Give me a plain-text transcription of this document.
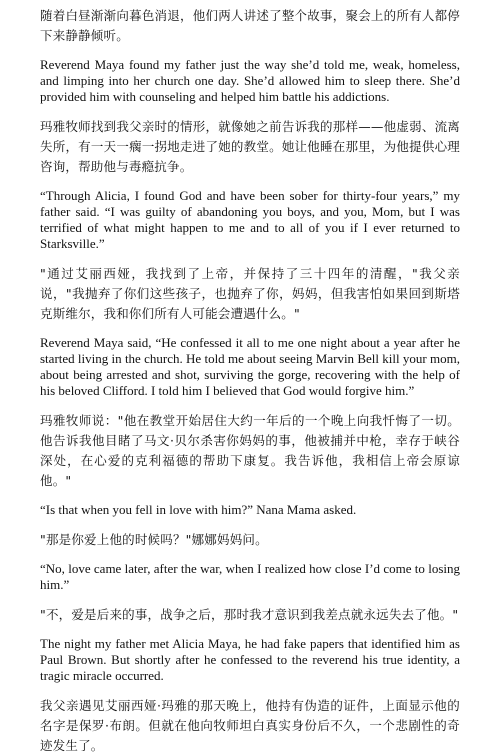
随着白昼渐渐向暮色消退，他们两人讲述了整个故事，聚会上的所有人都停下来静静倾听。

Reverend Maya found my father just the way she’d told me, weak, homeless, and limping into her church one day. She’d allowed him to sleep there. She’d provided him with counseling and helped him battle his addictions.

玛雅牧师找到我父亲时的情形，就像她之前告诉我的那样——他虚弱、流离失所，有一天一瘸一拐地走进了她的教堂。她让他睡在那里，为他提供心理咨询，帮助他与毒瘾抗争。

“Through Alicia, I found God and have been sober for thirty-four years,” my father said. “I was guilty of abandoning you boys, and you, Mom, but I was terrified of what might happen to me and to all of you if I ever returned to Starksville.”

"通过艾丽西娅，我找到了上帝，并保持了三十四年的清醒，"我父亲说，"我抛弃了你们这些孩子，也抛弃了你，妈妈，但我害怕如果回到斯塔克斯维尔，我和你们所有人可能会遭遇什么。"

Reverend Maya said, “He confessed it all to me one night about a year after he started living in the church. He told me about seeing Marvin Bell kill your mom, about being arrested and shot, surviving the gorge, recovering with the help of his beloved Clifford. I told him I believed that God would forgive him.”

玛雅牧师说："他在教堂开始居住大约一年后的一个晚上向我忏悔了一切。他告诉我他目睹了马文·贝尔杀害你妈妈的事，他被捕并中枪，幸存于峡谷深处，在心爱的克利福德的帮助下康复。我告诉他，我相信上帝会原谅他。"

“Is that when you fell in love with him?” Nana Mama asked.

"那是你爱上他的时候吗？"娜娜妈妈问。

“No, love came later, after the war, when I realized how close I’d come to losing him.”

"不，爱是后来的事，战争之后，那时我才意识到我差点就永远失去了他。"

The night my father met Alicia Maya, he had fake papers that identified him as Paul Brown. But shortly after he confessed to the reverend his true identity, a tragic miracle occurred.

我父亲遇见艾丽西娅·玛雅的那天晚上，他持有伪造的证件，上面显示他的名字是保罗·布朗。但就在他向牧师坦白真实身份后不久，一个悲剧性的奇迹发生了。
